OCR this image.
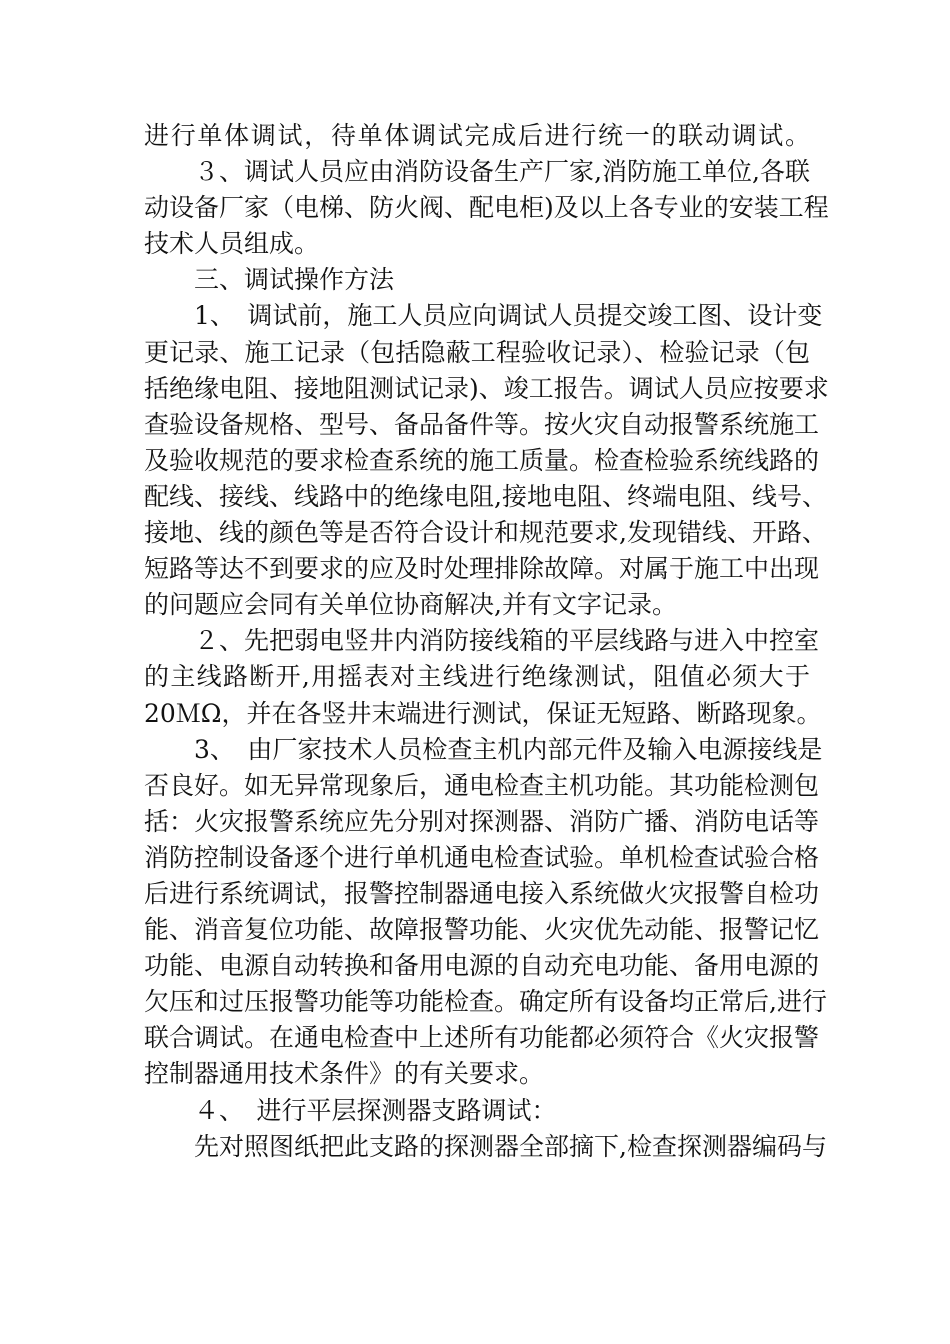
进行单体调试，待单体调试完成后进行统一的联动调试。
　　３、调试人员应由消防设备生产厂家,消防施工单位,各联
动设备厂家（电梯、防火阀、配电柜)及以上各专业的安装工程
技术人员组成。
　　三、调试操作方法
　　1、　调试前，施工人员应向调试人员提交竣工图、设计变
更记录、施工记录（包括隐蔽工程验收记录）、检验记录（包
括绝缘电阻、接地阻测试记录)、竣工报告。调试人员应按要求
查验设备规格、型号、备品备件等。按火灾自动报警系统施工
及验收规范的要求检查系统的施工质量。检查检验系统线路的
配线、接线、线路中的绝缘电阻,接地电阻、终端电阻、线号、
接地、线的颜色等是否符合设计和规范要求,发现错线、开路、
短路等达不到要求的应及时处理排除故障。对属于施工中出现
的问题应会同有关单位协商解决,并有文字记录。
　　２、先把弱电竖井内消防接线箱的平层线路与进入中控室
的主线路断开,用摇表对主线进行绝缘测试，阻值必须大于
20ＭΩ，并在各竖井末端进行测试，保证无短路、断路现象。
　　3、　由厂家技术人员检查主机内部元件及输入电源接线是
否良好。如无异常现象后，通电检查主机功能。其功能检测包
括：火灾报警系统应先分别对探测器、消防广播、消防电话等
消防控制设备逐个进行单机通电检查试验。单机检查试验合格
后进行系统调试，报警控制器通电接入系统做火灾报警自检功
能、消音复位功能、故障报警功能、火灾优先动能、报警记忆
功能、电源自动转换和备用电源的自动充电功能、备用电源的
欠压和过压报警功能等功能检查。确定所有设备均正常后,进行
联合调试。在通电检查中上述所有功能都必须符合《火灾报警
控制器通用技术条件》的有关要求。
　　４、　进行平层探测器支路调试：
　　先对照图纸把此支路的探测器全部摘下,检查探测器编码与
